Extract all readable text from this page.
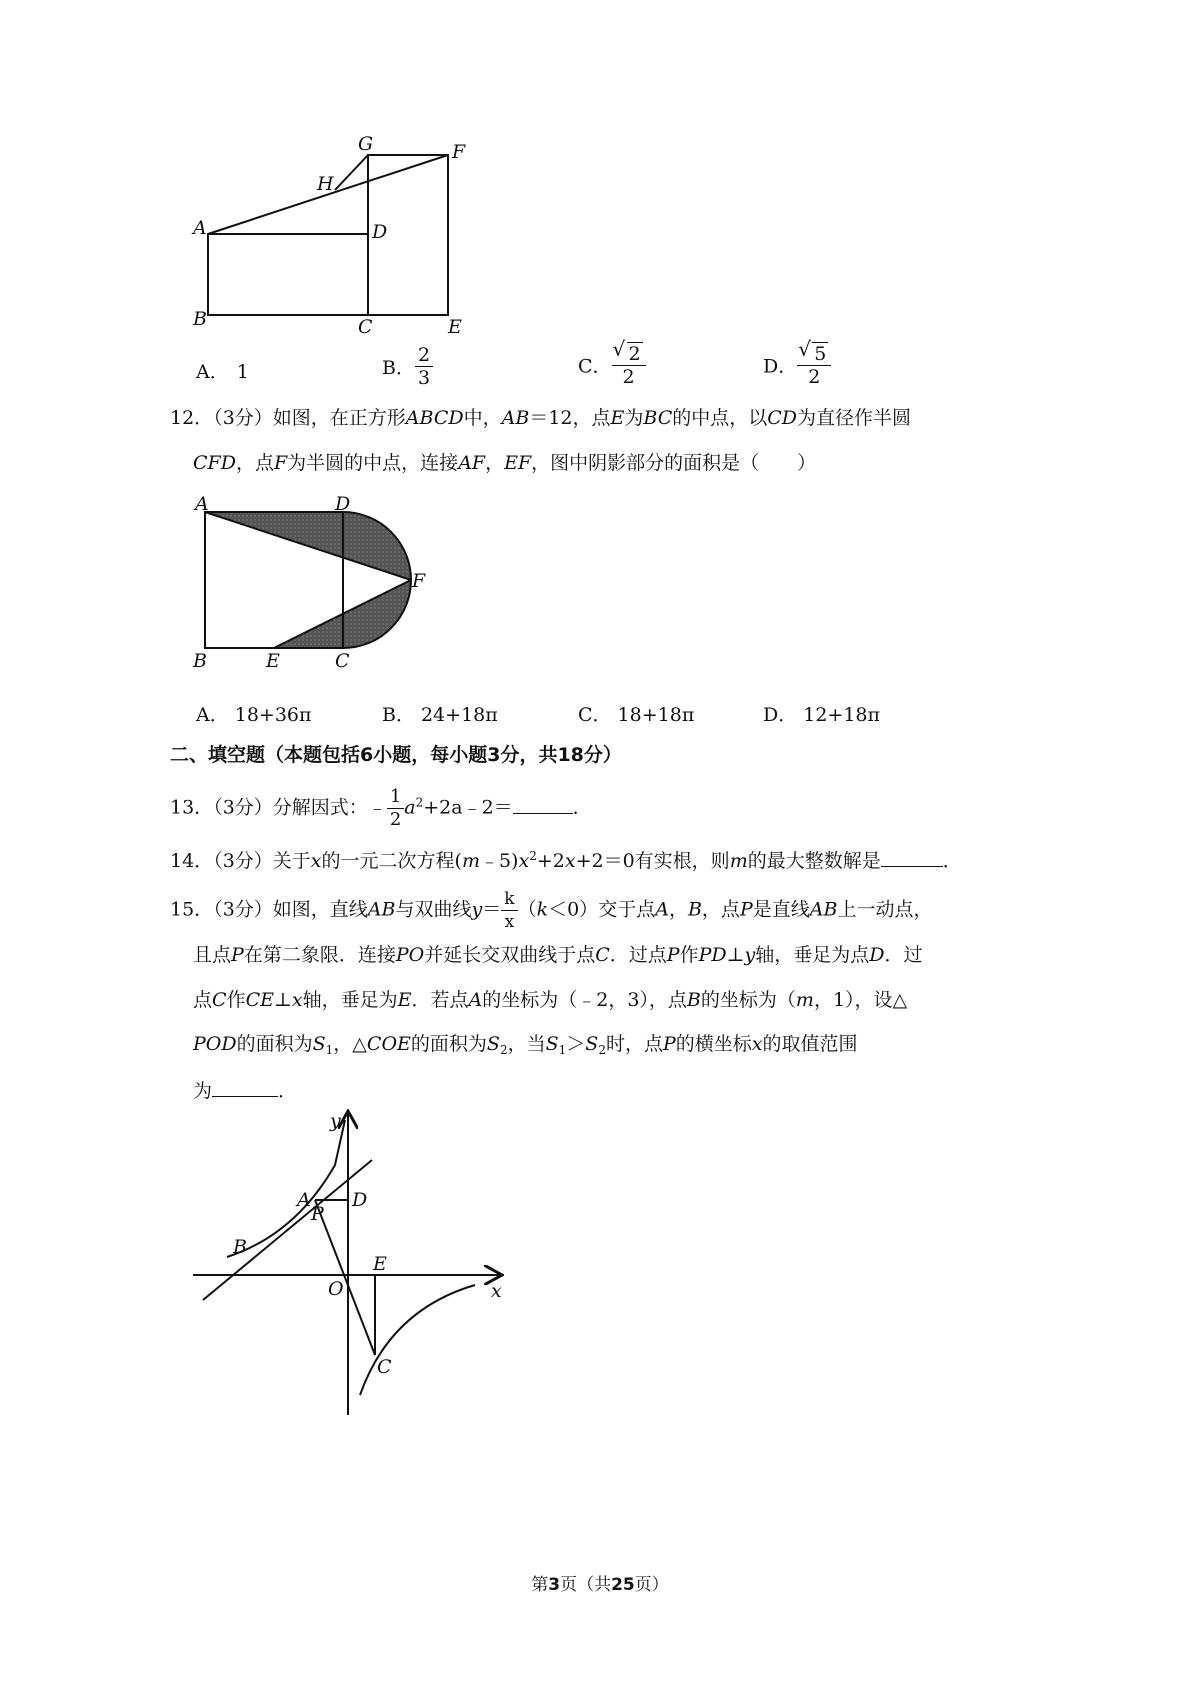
G	F
H
A	D
B	C	E
A． 1	B． $\frac{2}{3}$	C． √ $\frac{2}{2}$	D． √ $\frac{5}{2}$
12．（3分）如图，在正方形ABCD中，AB＝12，点E为BC的中点，以CD为直径作半圆
CFD，点F为半圆的中点，连接AF，EF，图中阴影部分的面积是（　　）
A	D
F
B	E	C
A． 18+36π	B． 24+18π	C． 18+18π	D． 12+18π
二、填空题（本题包括6小题，每小题3分，共18分）
13．（3分）分解因式：﹣ $\frac{1}{2}$ $a^2+2a﹣2=$	．
14．（3分）关于x的一元二次方程$(m﹣5)x^2+2x+2=0$有实根，则m的最大整数解是	．
15．（3分）如图，直线AB与双曲线$y= \frac{k}{x} (k<0)$交于点A，B，点P是直线AB上一动点，
且点P在第二象限．连接PO并延长交双曲线于点C．过点P作PD⊥y轴，垂足为点D．过
点C作CE⊥x轴，垂足为E．若点A的坐标为（﹣2，3），点B的坐标为（m，1），设△
POD的面积为$S_1$，△COE的面积为$S_2$，当$S_1>S_2$时，点P的横坐标x的取值范围
为	．
y
x
A
P
D
B
O
E
C
第3页（共25页）
